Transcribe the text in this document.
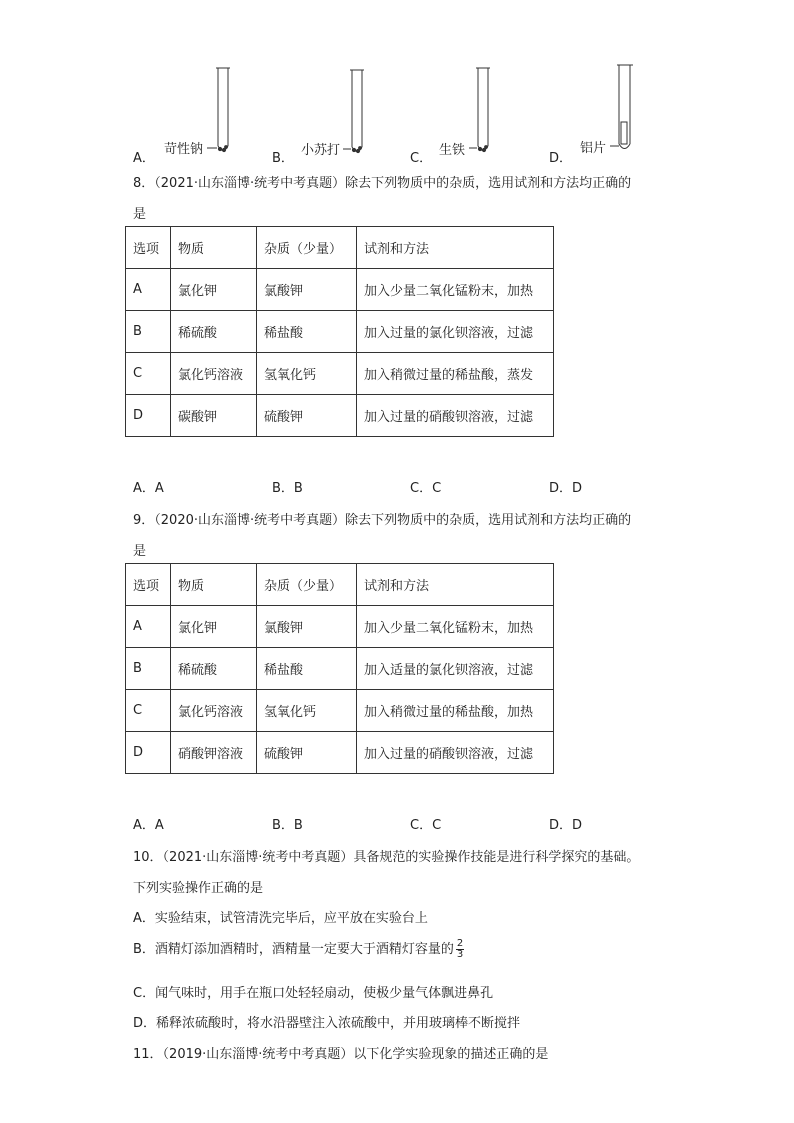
A．
苛性钠
B．
小苏打
C．
生铁
D．
铝片
8．（2021·山东淄博·统考中考真题）除去下列物质中的杂质，选用试剂和方法均正确的
是
选项	物质	杂质（少量）	试剂和方法
A	氯化钾	氯酸钾	加入少量二氧化锰粉末，加热
B	稀硫酸	稀盐酸	加入过量的氯化钡溶液，过滤
C	氯化钙溶液	氢氧化钙	加入稍微过量的稀盐酸，蒸发
D	碳酸钾	硫酸钾	加入过量的硝酸钡溶液，过滤
A．A	B．B	C．C	D．D
9．（2020·山东淄博·统考中考真题）除去下列物质中的杂质，选用试剂和方法均正确的
是
选项	物质	杂质（少量）	试剂和方法
A	氯化钾	氯酸钾	加入少量二氧化锰粉末，加热
B	稀硫酸	稀盐酸	加入适量的氯化钡溶液，过滤
C	氯化钙溶液	氢氧化钙	加入稍微过量的稀盐酸，加热
D	硝酸钾溶液	硫酸钾	加入过量的硝酸钡溶液，过滤
A．A	B．B	C．C	D．D
10．（2021·山东淄博·统考中考真题）具备规范的实验操作技能是进行科学探究的基础。
下列实验操作正确的是
A．实验结束，试管清洗完毕后，应平放在实验台上
B．酒精灯添加酒精时，酒精量一定要大于酒精灯容量的 $\frac{2}{3}$
C．闻气味时，用手在瓶口处轻轻扇动，使极少量气体飘进鼻孔
D．稀释浓硫酸时，将水沿器壁注入浓硫酸中，并用玻璃棒不断搅拌
11．（2019·山东淄博·统考中考真题）以下化学实验现象的描述正确的是
